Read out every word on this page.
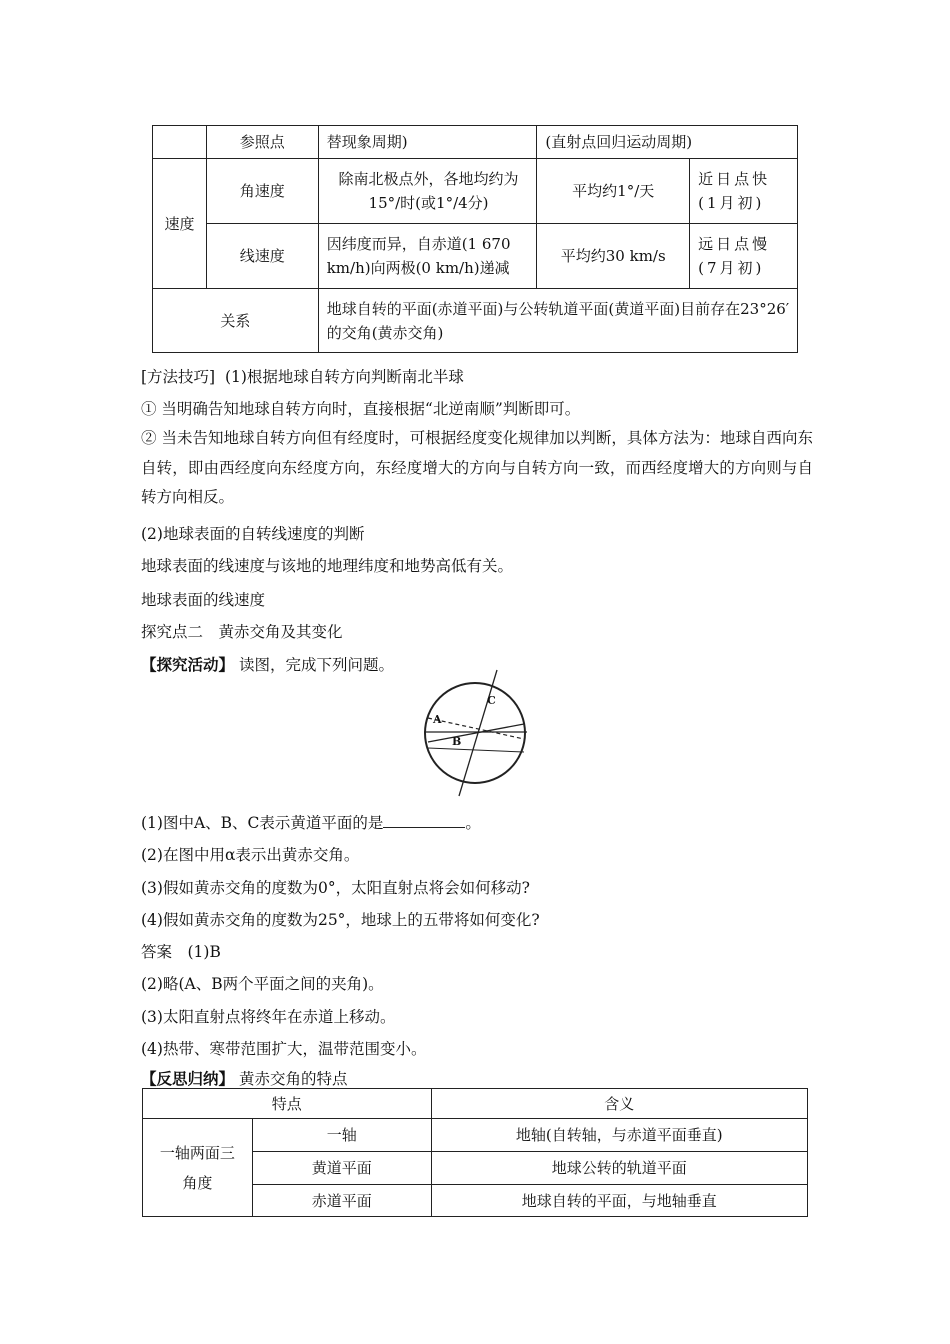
	参照点	替现象周期)	(直射点回归运动周期)	
速度	角速度	除南北极点外，各地均约为15°/时(或1°/4分)	平均约1°/天	近日点快(1月初)
	线速度	因纬度而异，自赤道(1 670 km/h)向两极(0 km/h)递减	平均约30 km/s	远日点慢(7月初)
关系		地球自转的平面(赤道平面)与公转轨道平面(黄道平面)目前存在23°26′的交角(黄赤交角)		
[方法技巧] (1)根据地球自转方向判断南北半球
① 当明确告知地球自转方向时，直接根据“北逆南顺”判断即可。
② 当未告知地球自转方向但有经度时，可根据经度变化规律加以判断，具体方法为：地球自西向东自转，即由西经度向东经度方向，东经度增大的方向与自转方向一致，而西经度增大的方向则与自转方向相反。
(2)地球表面的自转线速度的判断
地球表面的线速度与该地的地理纬度和地势高低有关。
地球表面的线速度
探究点二　黄赤交角及其变化
【探究活动】 读图，完成下列问题。
C
A
B
(1)图中A、B、C表示黄道平面的是	。
(2)在图中用α表示出黄赤交角。
(3)假如黄赤交角的度数为0°，太阳直射点将会如何移动?
(4)假如黄赤交角的度数为25°，地球上的五带将如何变化?
答案　(1)B
(2)略(A、B两个平面之间的夹角)。
(3)太阳直射点将终年在赤道上移动。
(4)热带、寒带范围扩大，温带范围变小。
【反思归纳】 黄赤交角的特点
特点		含义
一轴两面三角度	一轴	地轴(自转轴，与赤道平面垂直)
	黄道平面	地球公转的轨道平面
	赤道平面	地球自转的平面，与地轴垂直
